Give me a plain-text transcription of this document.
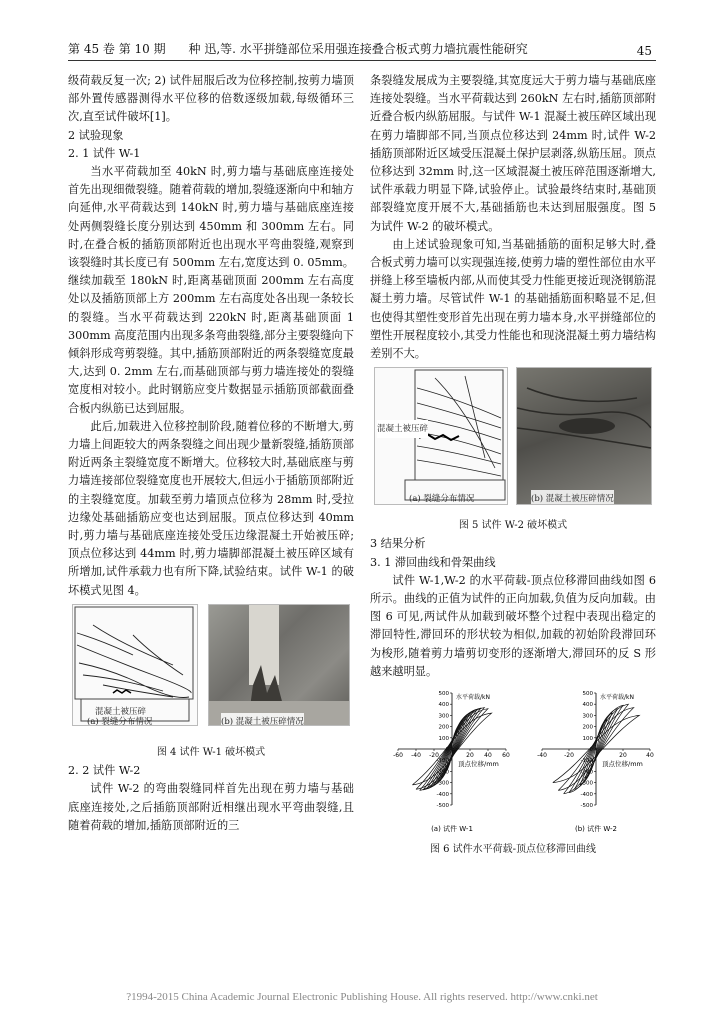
第 45 卷 第 10 期 种 迅,等. 水平拼缝部位采用强连接叠合板式剪力墙抗震性能研究	45

级荷载反复一次; 2) 试件屈服后改为位移控制,按剪力墙顶部外置传感器测得水平位移的倍数逐级加载,每级循环三次,直至试件破坏[1]。

2 试验现象

2. 1 试件 W-1

当水平荷载加至 40kN 时,剪力墙与基础底座连接处首先出现细微裂缝。随着荷载的增加,裂缝逐渐向中和轴方向延伸,水平荷载达到 140kN 时,剪力墙与基础底座连接处两侧裂缝长度分别达到 450mm 和 300mm 左右。同时,在叠合板的插筋顶部附近也出现水平弯曲裂缝,观察到该裂缝时其长度已有 500mm 左右,宽度达到 0. 05mm。继续加载至 180kN 时,距离基础顶面 200mm 左右高度处以及插筋顶部上方 200mm 左右高度处各出现一条较长的裂缝。当水平荷载达到 220kN 时,距离基础顶面 1 300mm 高度范围内出现多条弯曲裂缝,部分主要裂缝向下倾斜形成弯剪裂缝。其中,插筋顶部附近的两条裂缝宽度最大,达到 0. 2mm 左右,而基础顶部与剪力墙连接处的裂缝宽度相对较小。此时钢筋应变片数据显示插筋顶部截面叠合板内纵筋已达到屈服。

此后,加载进入位移控制阶段,随着位移的不断增大,剪力墙上间距较大的两条裂缝之间出现少量新裂缝,插筋顶部附近两条主裂缝宽度不断增大。位移较大时,基础底座与剪力墙连接部位裂缝宽度也开展较大,但远小于插筋顶部附近的主裂缝宽度。加载至剪力墙顶点位移为 28mm 时,受拉边缘处基础插筋应变也达到屈服。顶点位移达到 40mm 时,剪力墙与基础底座连接处受压边缘混凝土开始被压碎;顶点位移达到 44mm 时,剪力墙脚部混凝土被压碎区域有所增加,试件承载力也有所下降,试验结束。试件 W-1 的破坏模式见图 4。

混凝土被压碎
(a) 裂缝分布情况	(b) 混凝土被压碎情况

图 4 试件 W-1 破坏模式

2. 2 试件 W-2

试件 W-2 的弯曲裂缝同样首先出现在剪力墙与基础底座连接处,之后插筋顶部附近相继出现水平弯曲裂缝,且随着荷载的增加,插筋顶部附近的三

条裂缝发展成为主要裂缝,其宽度远大于剪力墙与基础底座连接处裂缝。当水平荷载达到 260kN 左右时,插筋顶部附近叠合板内纵筋屈服。与试件 W-1 混凝土被压碎区域出现在剪力墙脚部不同,当顶点位移达到 24mm 时,试件 W-2 插筋顶部附近区域受压混凝土保护层剥落,纵筋压屈。顶点位移达到 32mm 时,这一区域混凝土被压碎范围逐渐增大,试件承载力明显下降,试验停止。试验最终结束时,基础顶部裂缝宽度开展不大,基础插筋也未达到屈服强度。图 5 为试件 W-2 的破坏模式。

由上述试验现象可知,当基础插筋的面积足够大时,叠合板式剪力墙可以实现强连接,使剪力墙的塑性部位由水平拼缝上移至墙板内部,从而使其受力性能更接近现浇钢筋混凝土剪力墙。尽管试件 W-1 的基础插筋面积略显不足,但也使得其塑性变形首先出现在剪力墙本身,水平拼缝部位的塑性开展程度较小,其受力性能也和现浇混凝土剪力墙结构差别不大。

混凝土被压碎
(a) 裂缝分布情况	(b) 混凝土被压碎情况

图 5 试件 W-2 破坏模式

3 结果分析

3. 1 滞回曲线和骨架曲线

试件 W-1,W-2 的水平荷载-顶点位移滞回曲线如图 6 所示。曲线的正值为试件的正向加载,负值为反向加载。由图 6 可见,两试件从加载到破坏整个过程中表现出稳定的滞回特性,滞回环的形状较为相似,加载的初始阶段滞回环为梭形,随着剪力墙剪切变形的逐渐增大,滞回环的反 S 形越来越明显。

-500
-400
-300
-200
-100
0
100
200
300
400
500
-60 -40 -20	20 40 60
水平荷载/kN
顶点位移/mm
(a) 试件 W-1
-500
-400
-300
-200
-100
0
100
200
300
400
500
-40	-20	20	40
水平荷载/kN
顶点位移/mm
(b) 试件 W-2

图 6 试件水平荷载-顶点位移滞回曲线

?1994-2015 China Academic Journal Electronic Publishing House. All rights reserved. http://www.cnki.net
